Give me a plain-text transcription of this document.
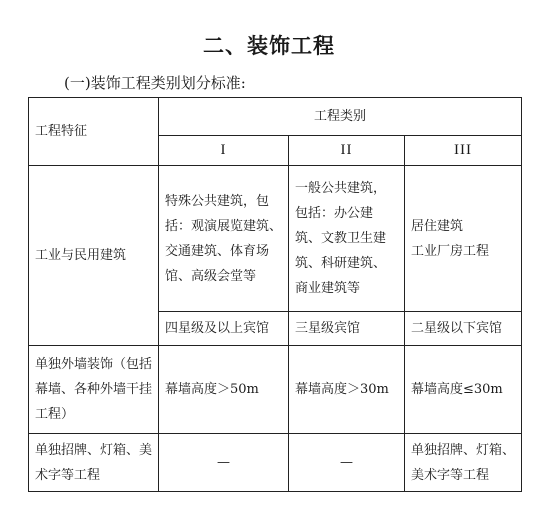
二、装饰工程
(一)装饰工程类别划分标准:
工程特征	工程类别		
	I	II	III
工业与民用建筑	特殊公共建筑，包括：观演展览建筑、交通建筑、体育场馆、高级会堂等	一般公共建筑，包括：办公建筑、文教卫生建筑、科研建筑、商业建筑等	居住建筑
工业厂房工程
	四星级及以上宾馆	三星级宾馆	二星级以下宾馆
单独外墙装饰（包括幕墙、各种外墙干挂工程）	幕墙高度＞50m	幕墙高度＞30m	幕墙高度≤30m
单独招牌、灯箱、美术字等工程	—	—	单独招牌、灯箱、美术字等工程
